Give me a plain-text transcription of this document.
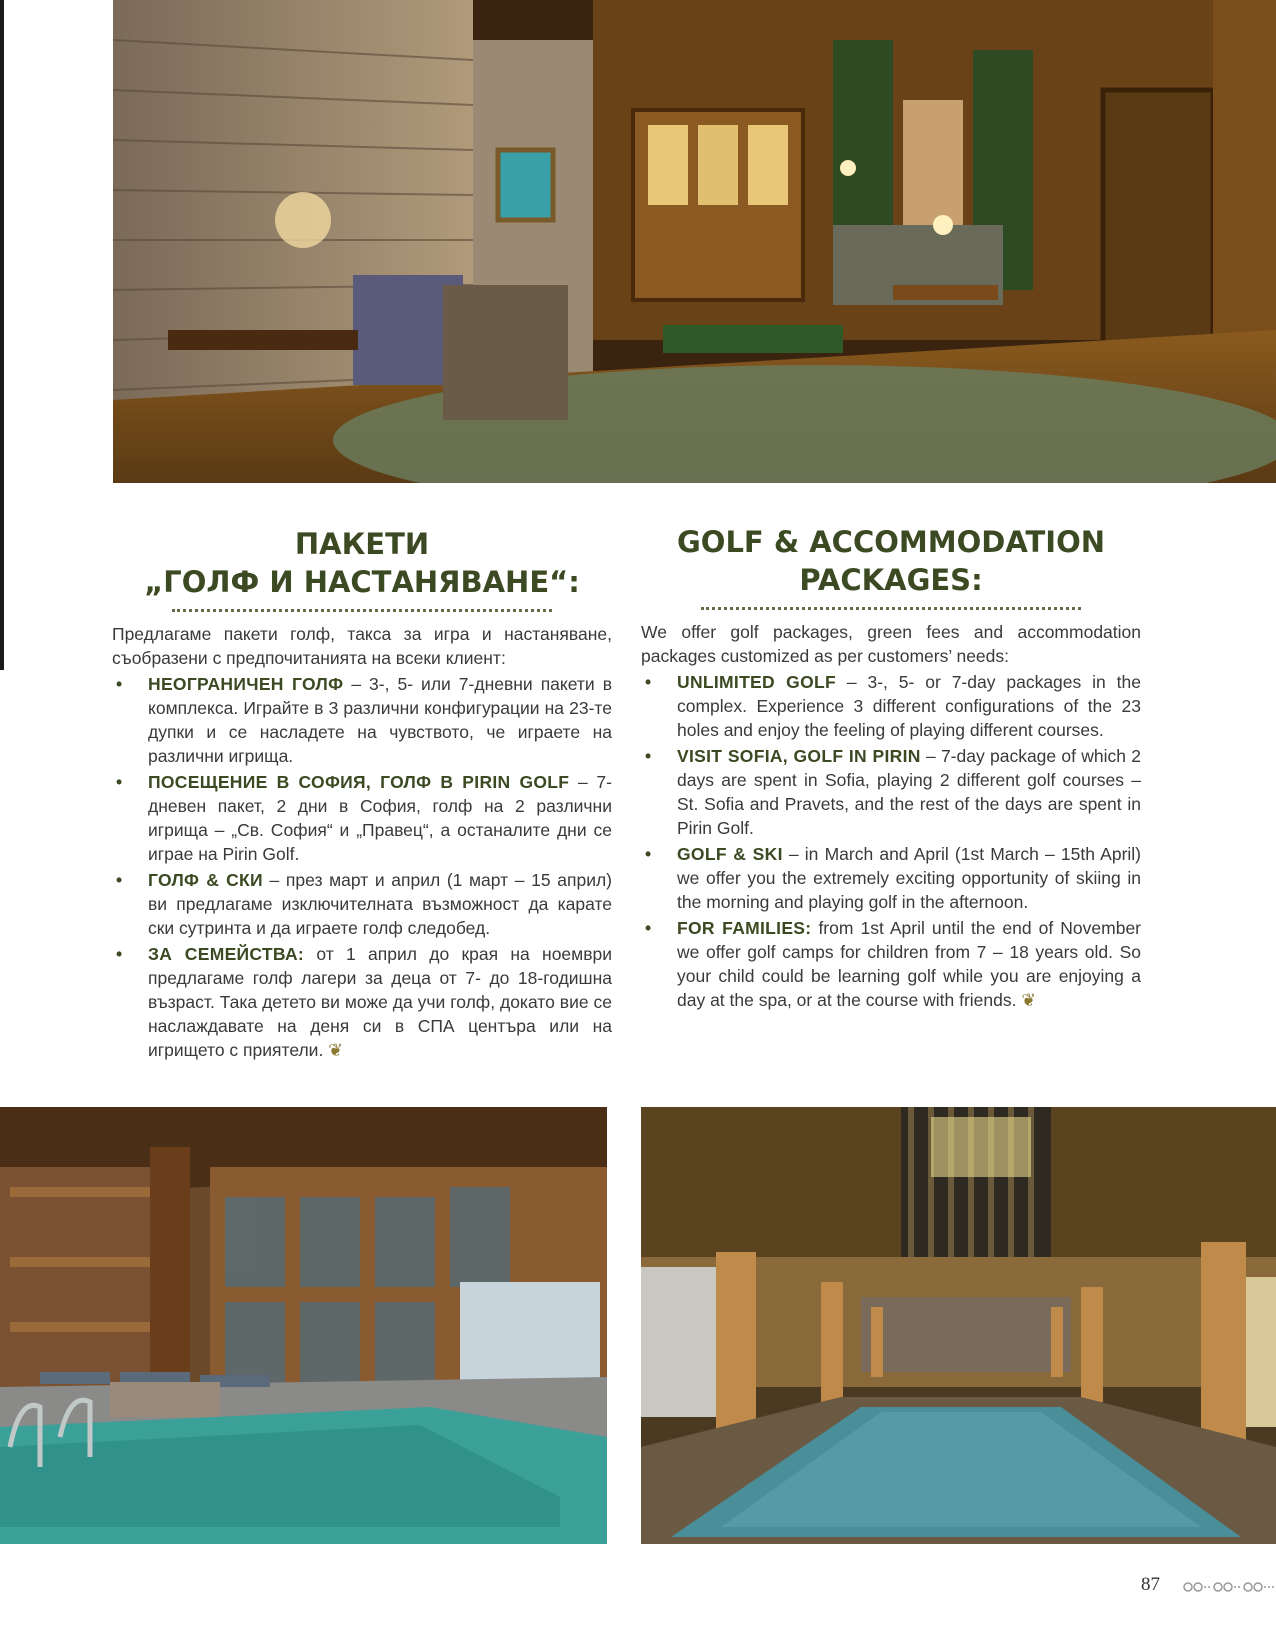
ПАКЕТИ
„ГОЛФ И НАСТАНЯВАНЕ“:

Предлагаме пакети голф, такса за игра и настаняване, съобразени с предпочитанията на всеки клиент:

• НЕОГРАНИЧЕН ГОЛФ – 3-, 5- или 7-дневни пакети в комплекса. Играйте в 3 различни конфигурации на 23-те дупки и се насладете на чувството, че играете на различни игрища.
• ПОСЕЩЕНИЕ В СОФИЯ, ГОЛФ В PIRIN GOLF – 7-дневен пакет, 2 дни в София, голф на 2 различни игрища – „Св. София“ и „Правец“, а останалите дни се играе на Pirin Golf.
• ГОЛФ & СКИ – през март и април (1 март – 15 април) ви предлагаме изключителната възможност да карате ски сутринта и да играете голф следобед.
• ЗА СЕМЕЙСТВА: от 1 април до края на ноември предлагаме голф лагери за деца от 7- до 18-годишна възраст. Така детето ви може да учи голф, докато вие се наслаждавате на деня си в СПА центъра или на игрището с приятели. ❦
GOLF & ACCOMMODATION
PACKAGES:

We offer golf packages, green fees and accommodation packages customized as per customers’ needs:

• UNLIMITED GOLF – 3-, 5- or 7-day packages in the complex. Experience 3 different configurations of the 23 holes and enjoy the feeling of playing different courses.
• VISIT SOFIA, GOLF IN PIRIN – 7-day package of which 2 days are spent in Sofia, playing 2 different golf courses – St. Sofia and Pravets, and the rest of the days are spent in Pirin Golf.
• GOLF & SKI – in March and April (1st March – 15th April) we offer you the extremely exciting opportunity of skiing in the morning and playing golf in the afternoon.
• FOR FAMILIES: from 1st April until the end of November we offer golf camps for children from 7 – 18 years old. So your child could be learning golf while you are enjoying a day at the spa, or at the course with friends. ❦
87
